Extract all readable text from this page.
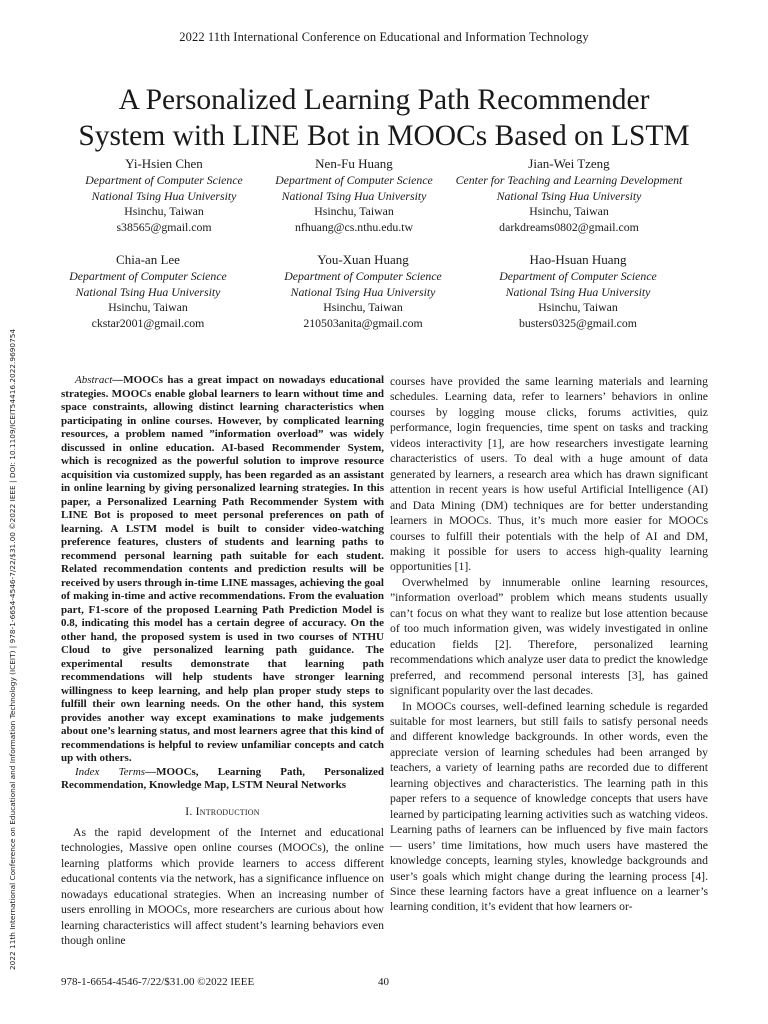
2022 11th International Conference on Educational and Information Technology
A Personalized Learning Path Recommender
System with LINE Bot in MOOCs Based on LSTM
Yi-Hsien Chen
Department of Computer Science
National Tsing Hua University
Hsinchu, Taiwan
s38565@gmail.com
Nen-Fu Huang
Department of Computer Science
National Tsing Hua University
Hsinchu, Taiwan
nfhuang@cs.nthu.edu.tw
Jian-Wei Tzeng
Center for Teaching and Learning Development
National Tsing Hua University
Hsinchu, Taiwan
darkdreams0802@gmail.com
Chia-an Lee
Department of Computer Science
National Tsing Hua University
Hsinchu, Taiwan
ckstar2001@gmail.com
You-Xuan Huang
Department of Computer Science
National Tsing Hua University
Hsinchu, Taiwan
210503anita@gmail.com
Hao-Hsuan Huang
Department of Computer Science
National Tsing Hua University
Hsinchu, Taiwan
busters0325@gmail.com
2022 11th International Conference on Educational and Information Technology (ICEIT) | 978-1-6654-4546-7/22/$31.00 ©2022 IEEE | DOI: 10.1109/ICEIT54416.2022.9690754	Abstract—MOOCs has a great impact on nowadays educational strategies. MOOCs enable global learners to learn without time and space constraints, allowing distinct learning characteristics when participating in online courses. However, by complicated learning resources, a problem named ”information overload” was widely discussed in online education. AI-based Recommender System, which is recognized as the powerful solution to improve resource acquisition via customized supply, has been regarded as an assistant in online learning by giving personalized learning strategies. In this paper, a Personalized Learning Path Recommender System with LINE Bot is proposed to meet personal preferences on path of learning. A LSTM model is built to consider video-watching preference features, clusters of students and learning paths to recommend personal learning path suitable for each student. Related recommendation contents and prediction results will be received by users through in-time LINE massages, achieving the goal of making in-time and active recommendations. From the evaluation part, F1-score of the proposed Learning Path Prediction Model is 0.8, indicating this model has a certain degree of accuracy. On the other hand, the proposed system is used in two courses of NTHU Cloud to give personalized learning path guidance. The experimental results demonstrate that learning path recommendations will help students have stronger learning willingness to keep learning, and help plan proper study steps to fulfill their own learning needs. On the other hand, this system provides another way except examinations to make judgements about one’s learning status, and most learners agree that this kind of recommendations is helpful to review unfamiliar concepts and catch up with others.

Index Terms—MOOCs, Learning Path, Personalized Recommendation, Knowledge Map, LSTM Neural Networks

I. Introduction

As the rapid development of the Internet and educational technologies, Massive open online courses (MOOCs), the online learning platforms which provide learners to access different educational contents via the network, has a significance influence on nowadays educational strategies. When an increasing number of users enrolling in MOOCs, more researchers are curious about how learning characteristics will affect student’s learning behaviors even though online

courses have provided the same learning materials and learning schedules. Learning data, refer to learners’ behaviors in online courses by logging mouse clicks, forums activities, quiz performance, login frequencies, time spent on tasks and tracking videos interactivity [1], are how researchers investigate learning characteristics of users. To deal with a huge amount of data generated by learners, a research area which has drawn significant attention in recent years is how useful Artificial Intelligence (AI) and Data Mining (DM) techniques are for better understanding learners in MOOCs. Thus, it’s much more easier for MOOCs courses to fulfill their potentials with the help of AI and DM, making it possible for users to access high-quality learning opportunities [1].

Overwhelmed by innumerable online learning resources, ”information overload” problem which means students usually can’t focus on what they want to realize but lose attention because of too much information given, was widely investigated in online education fields [2]. Therefore, personalized learning recommendations which analyze user data to predict the knowledge preferred, and recommend personal interests [3], has gained significant popularity over the last decades.

In MOOCs courses, well-defined learning schedule is regarded suitable for most learners, but still fails to satisfy personal needs and different knowledge backgrounds. In other words, even the appreciate version of learning schedules had been arranged by teachers, a variety of learning paths are recorded due to different learning objectives and characteristics. The learning path in this paper refers to a sequence of knowledge concepts that users have learned by participating learning activities such as watching videos. Learning paths of learners can be influenced by five main factors — users’ time limitations, how much users have mastered the knowledge concepts, learning styles, knowledge backgrounds and user’s goals which might change during the learning process [4]. Since these learning factors have a great influence on a learner’s learning condition, it’s evident that how learners or-

978-1-6654-4546-7/22/$31.00 ©2022 IEEE	40
